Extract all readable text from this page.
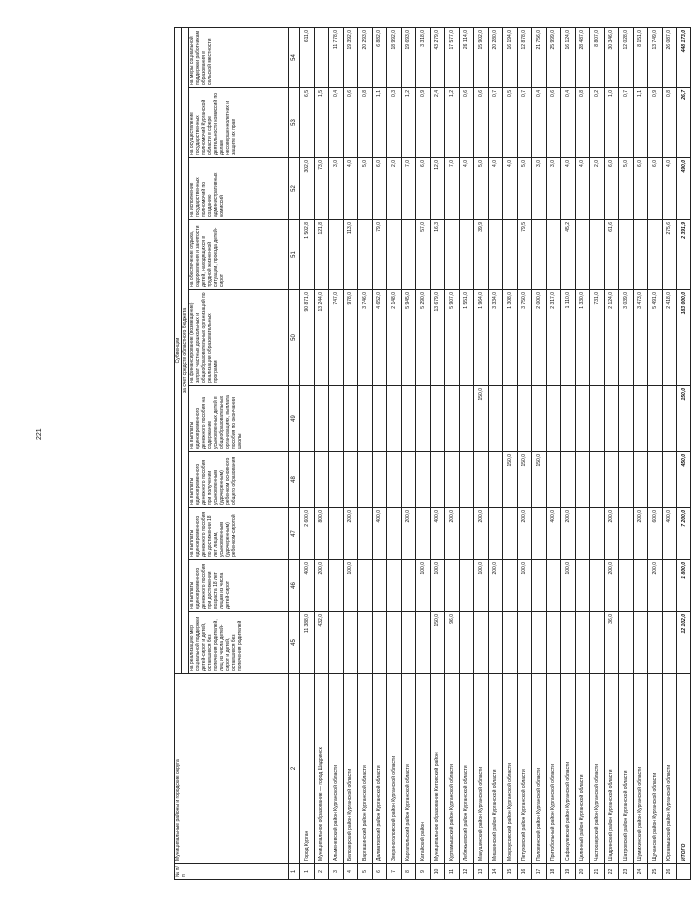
221
№ п/п	Муниципальные районы и городские округа	Субвенции									
		за счет средств областного бюджета									
		на реализацию мер социальной поддержки детей-сирот и детей, оставшихся без попечения родителей, лиц из числа детей-сирот и детей, оставшихся без попечения родителей	на выплаты единовременного денежного пособия при достижении возраста 18 лет лицам из числа детей-сирот	на выплаты единовременного денежного пособия по достижении 18 лет лицам, усыновленным (удочеренным) ребенком-сиротой	на выплаты единовременного денежного пособия при получении усыновленным (удочеренным) ребенком основного общего образования	на выплаты единовременного денежного пособия на содержание усыновленных детей в общеобразовательных организациях, выплата пособия по окончании школы	на финансирование (возмещение) затрат частных дошкольных и общеобразовательных организаций по реализации образовательных программ	на обеспечение отдыха, оздоровления и занятости детей, находящихся в трудной жизненной ситуации, проезда детей-сирот	на исполнение государственных полномочий по созданию административных комиссий	на осуществление государственных полномочий Курганской области в сфере деятельности комиссий по делам несовершеннолетних и защите их прав	на меры социальной поддержки работникам образования в сельской местности
1	2	45	46	47	48	49	50	51	52	53	54
1	Город Курган	11 388,0	400,0	2 600,0			90 871,0	1 502,8	302,0	6,5	611,0
2	Муниципальное образование — город Шадринск	432,0	200,0	800,0			13 244,0	121,8	73,0	1,5	
3	Альменевский район Курганской области						747,0		3,0	0,4	11 778,0
4	Белозерский район Курганской области		100,0	200,0			978,0	113,0	4,0	0,6	19 392,0
5	Варгашинский район Курганской области						3 746,0		5,0	0,8	20 293,0
6	Далматовский район Курганской области			400,0			4 652,0	79,0	6,0	1,1	6 882,0
7	Звериноголовский район Курганской области						2 148,0		2,0	0,3	18 992,0
8	Каргапольский район Курганской области			200,0			5 945,0		7,0	1,2	19 693,0
9	Катайский район		100,0				5 290,0	57,0	6,0	0,9	3 318,0
10	Муниципальное образование Кетовский район	150,0	100,0	400,0			13 679,0	16,3	12,0	2,4	43 279,0
11	Куртамышский район Курганской области	96,0		200,0			5 907,0		7,0	1,2	17 577,0
12	Лебяжьевский район Курганской области						1 551,0		4,0	0,6	26 114,0
13	Макушинский район Курганской области		100,0	200,0		150,0	1 964,0	39,9	5,0	0,6	15 902,0
14	Мишкинский район Курганской области		200,0				3 334,0		4,0	0,7	20 280,0
15	Мокроусовский район Курганской области				150,0		1 308,0		4,0	0,5	16 194,0
16	Петуховский район Курганской области		100,0	200,0	150,0		3 750,0	79,5	5,0	0,7	12 878,0
17	Половинский район Курганской области				150,0		2 000,0		3,0	0,4	21 756,0
18	Притобольный район Курганской области			400,0			2 317,0		3,0	0,6	25 999,0
19	Сафакулевский район Курганской области		100,0	200,0			1 110,0	45,2	4,0	0,4	16 124,0
20	Целинный район Курганской области						1 330,0		4,0	0,8	28 487,0
21	Частоозерский район Курганской области						731,0		2,0	0,2	8 807,0
22	Шадринский район Курганской области	36,0	200,0	200,0			2 124,0	61,6	6,0	1,0	30 346,0
23	Шатровский район Курганской области						3 039,0		5,0	0,7	12 028,0
24	Шумихинский район Курганской области			200,0			3 473,0		6,0	1,1	8 151,0
25	Щучанский район Курганской области		200,0	600,0			5 491,0		6,0	0,9	13 749,0
26	Юргамышский район Курганской области			400,0			2 418,0	275,6	4,0	0,8	26 087,0
	ИТОГО	12 102,0	1 800,0	7 200,0	450,0	150,0	183 000,0	2 391,9	490,0	26,7	448 173,0
